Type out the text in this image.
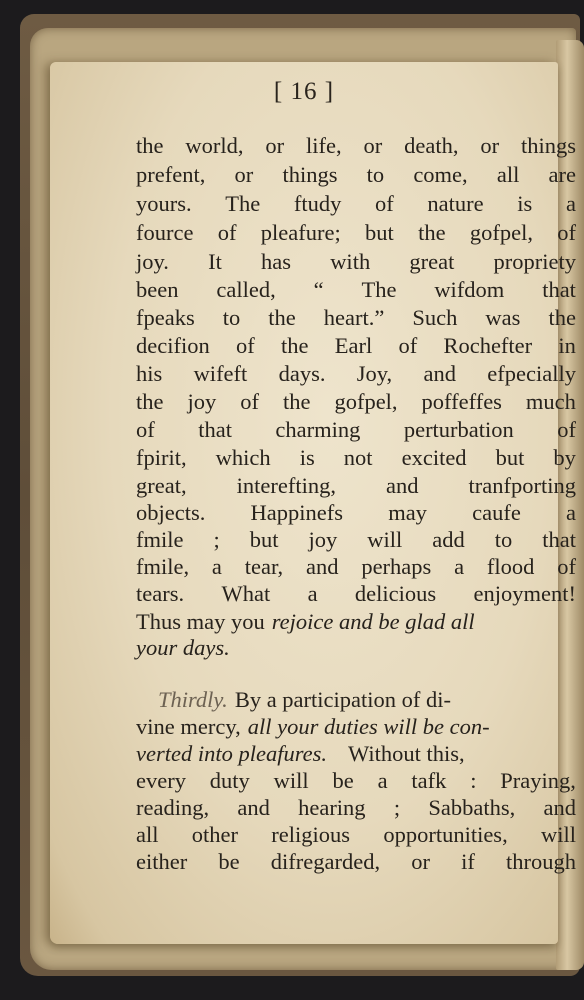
[ 16 ]
the world, or life, or death, or things
prefent, or things to come, all are
yours. The ftudy of nature is a
fource of pleafure; but the gofpel, of
joy. It has with great propriety
been called, “ The wifdom that
fpeaks to the heart.” Such was the
decifion of the Earl of Rochefter in
his wifeft days. Joy, and efpecially
the joy of the gofpel, poffeffes much
of that charming perturbation of
fpirit, which is not excited but by
great, interefting, and tranfporting
objects. Happinefs may caufe a
fmile ; but joy will add to that
fmile, a tear, and perhaps a flood of
tears. What a delicious enjoyment!
Thus may you rejoice and be glad all
your days.
Thirdly. By a participation of di-
vine mercy, all your duties will be con-
verted into pleafures. Without this,
every duty will be a tafk : Praying,
reading, and hearing ; Sabbaths, and
all other religious opportunities, will
either be difregarded, or if through
